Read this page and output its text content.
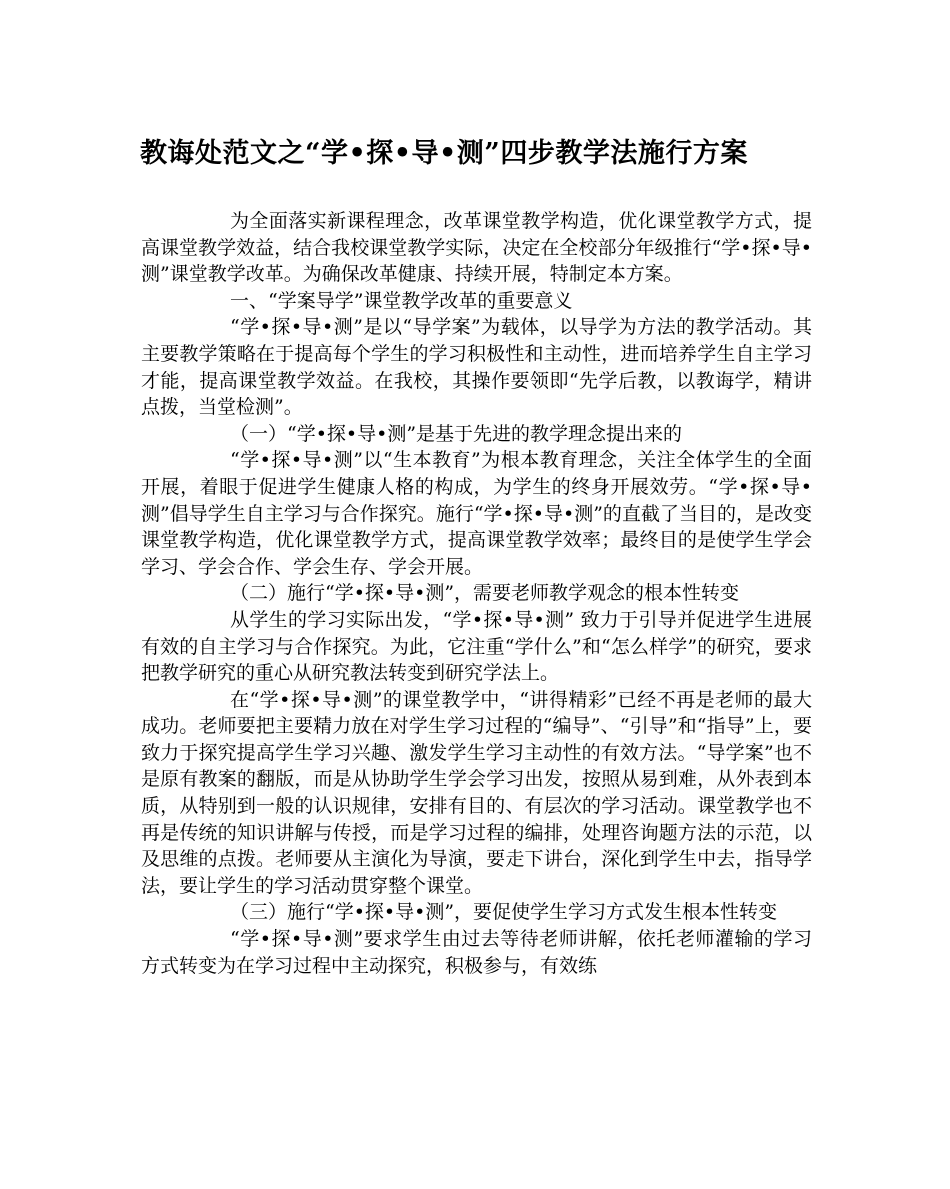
教诲处范文之“学•探•导•测”四步教学法施行方案

为全面落实新课程理念，改革课堂教学构造，优化课堂教学方式，提高课堂教学效益，结合我校课堂教学实际，决定在全校部分年级推行“学•探•导•测”课堂教学改革。为确保改革健康、持续开展，特制定本方案。

一、“学案导学”课堂教学改革的重要意义

“学•探•导•测”是以“导学案”为载体，以导学为方法的教学活动。其主要教学策略在于提高每个学生的学习积极性和主动性，进而培养学生自主学习才能，提高课堂教学效益。在我校，其操作要领即“先学后教，以教诲学，精讲点拨，当堂检测”。

（一）“学•探•导•测”是基于先进的教学理念提出来的

“学•探•导•测”以“生本教育”为根本教育理念，关注全体学生的全面开展，着眼于促进学生健康人格的构成，为学生的终身开展效劳。“学•探•导•测”倡导学生自主学习与合作探究。施行“学•探•导•测”的直截了当目的，是改变课堂教学构造，优化课堂教学方式，提高课堂教学效率；最终目的是使学生学会学习、学会合作、学会生存、学会开展。

（二）施行“学•探•导•测”，需要老师教学观念的根本性转变

从学生的学习实际出发，“学•探•导•测” 致力于引导并促进学生进展有效的自主学习与合作探究。为此，它注重“学什么”和“怎么样学”的研究，要求把教学研究的重心从研究教法转变到研究学法上。

在“学•探•导•测”的课堂教学中，“讲得精彩”已经不再是老师的最大成功。老师要把主要精力放在对学生学习过程的“编导”、“引导”和“指导”上，要致力于探究提高学生学习兴趣、激发学生学习主动性的有效方法。“导学案”也不是原有教案的翻版，而是从协助学生学会学习出发，按照从易到难，从外表到本质，从特别到一般的认识规律，安排有目的、有层次的学习活动。课堂教学也不再是传统的知识讲解与传授，而是学习过程的编排，处理咨询题方法的示范，以及思维的点拨。老师要从主演化为导演，要走下讲台，深化到学生中去，指导学法，要让学生的学习活动贯穿整个课堂。

（三）施行“学•探•导•测”，要促使学生学习方式发生根本性转变

“学•探•导•测”要求学生由过去等待老师讲解，依托老师灌输的学习方式转变为在学习过程中主动探究，积极参与，有效练
